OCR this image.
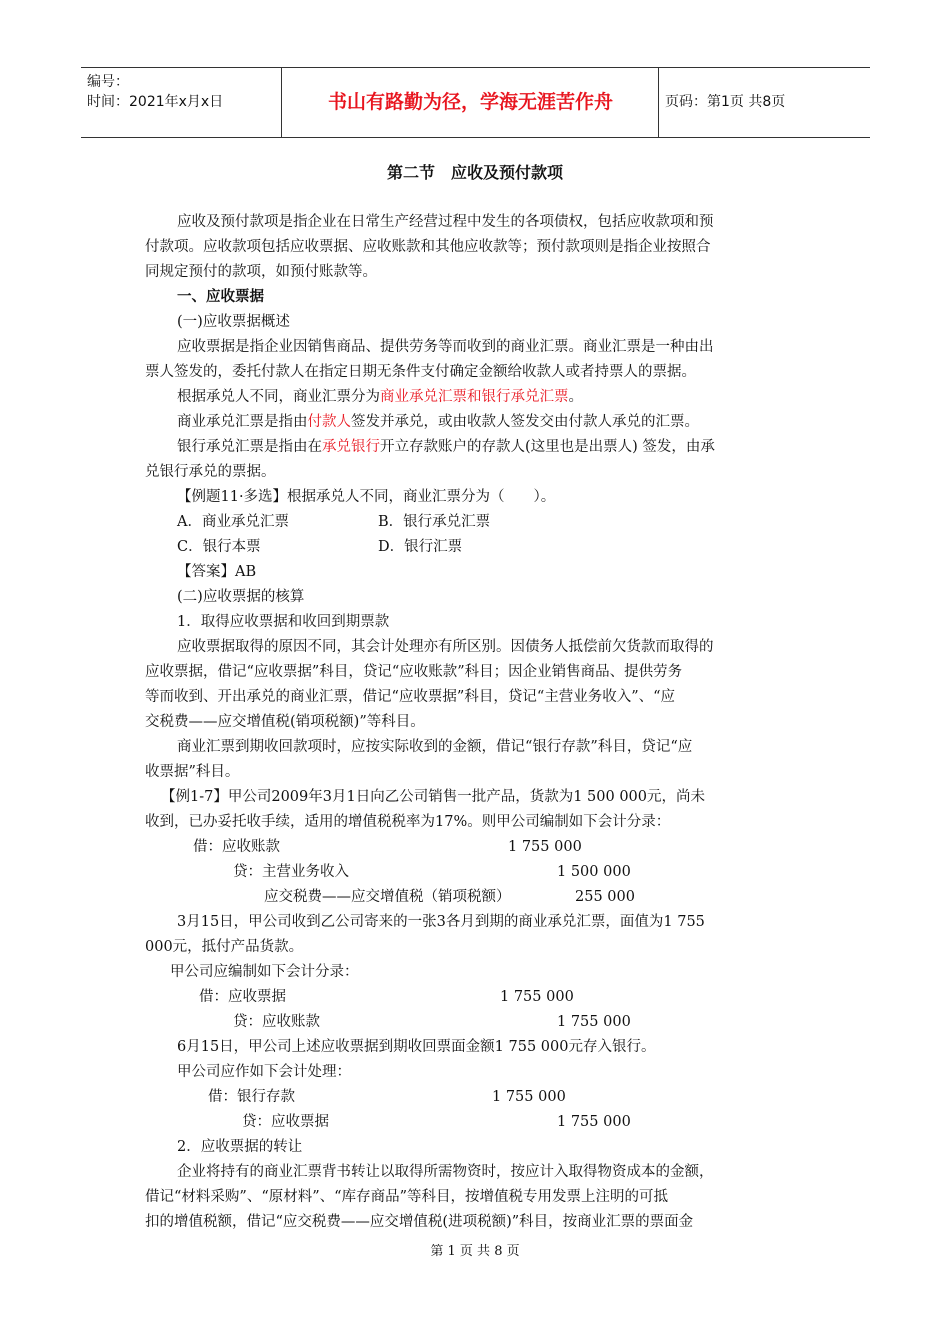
编号：
时间：2021年x月x日	书山有路勤为径，学海无涯苦作舟	页码：第1页 共8页
第二节　应收及预付款项
应收及预付款项是指企业在日常生产经营过程中发生的各项债权，包括应收款项和预
付款项。应收款项包括应收票据、应收账款和其他应收款等；预付款项则是指企业按照合
同规定预付的款项，如预付账款等。
一、应收票据
(一)应收票据概述
应收票据是指企业因销售商品、提供劳务等而收到的商业汇票。商业汇票是一种由出
票人签发的，委托付款人在指定日期无条件支付确定金额给收款人或者持票人的票据。
根据承兑人不同，商业汇票分为商业承兑汇票和银行承兑汇票。
商业承兑汇票是指由付款人签发并承兑，或由收款人签发交由付款人承兑的汇票。
银行承兑汇票是指由在承兑银行开立存款账户的存款人(这里也是出票人) 签发，由承
兑银行承兑的票据。
【例题11·多选】根据承兑人不同，商业汇票分为（　　）。
A．商业承兑汇票	B．银行承兑汇票
C．银行本票	D．银行汇票
【答案】AB
(二)应收票据的核算
1．取得应收票据和收回到期票款
应收票据取得的原因不同，其会计处理亦有所区别。因债务人抵偿前欠货款而取得的
应收票据，借记“应收票据”科目，贷记“应收账款”科目；因企业销售商品、提供劳务
等而收到、开出承兑的商业汇票，借记“应收票据”科目，贷记“主营业务收入”、“应
交税费——应交增值税(销项税额)”等科目。
商业汇票到期收回款项时，应按实际收到的金额，借记“银行存款”科目，贷记“应
收票据”科目。
【例1-7】甲公司2009年3月1日向乙公司销售一批产品，货款为1 500 000元，尚未
收到，已办妥托收手续，适用的增值税税率为17%。则甲公司编制如下会计分录：
借：应收账款	1 755 000
贷：主营业务收入	1 500 000
应交税费——应交增值税（销项税额）	255 000
3月15日，甲公司收到乙公司寄来的一张3各月到期的商业承兑汇票，面值为1 755
000元，抵付产品货款。
甲公司应编制如下会计分录：
借：应收票据	1 755 000
贷：应收账款	1 755 000
6月15日，甲公司上述应收票据到期收回票面金额1 755 000元存入银行。
甲公司应作如下会计处理：
借：银行存款	1 755 000
贷：应收票据	1 755 000
2．应收票据的转让
企业将持有的商业汇票背书转让以取得所需物资时，按应计入取得物资成本的金额，
借记“材料采购”、“原材料”、“库存商品”等科目，按增值税专用发票上注明的可抵
扣的增值税额，借记“应交税费——应交增值税(进项税额)”科目，按商业汇票的票面金
第 1 页 共 8 页
